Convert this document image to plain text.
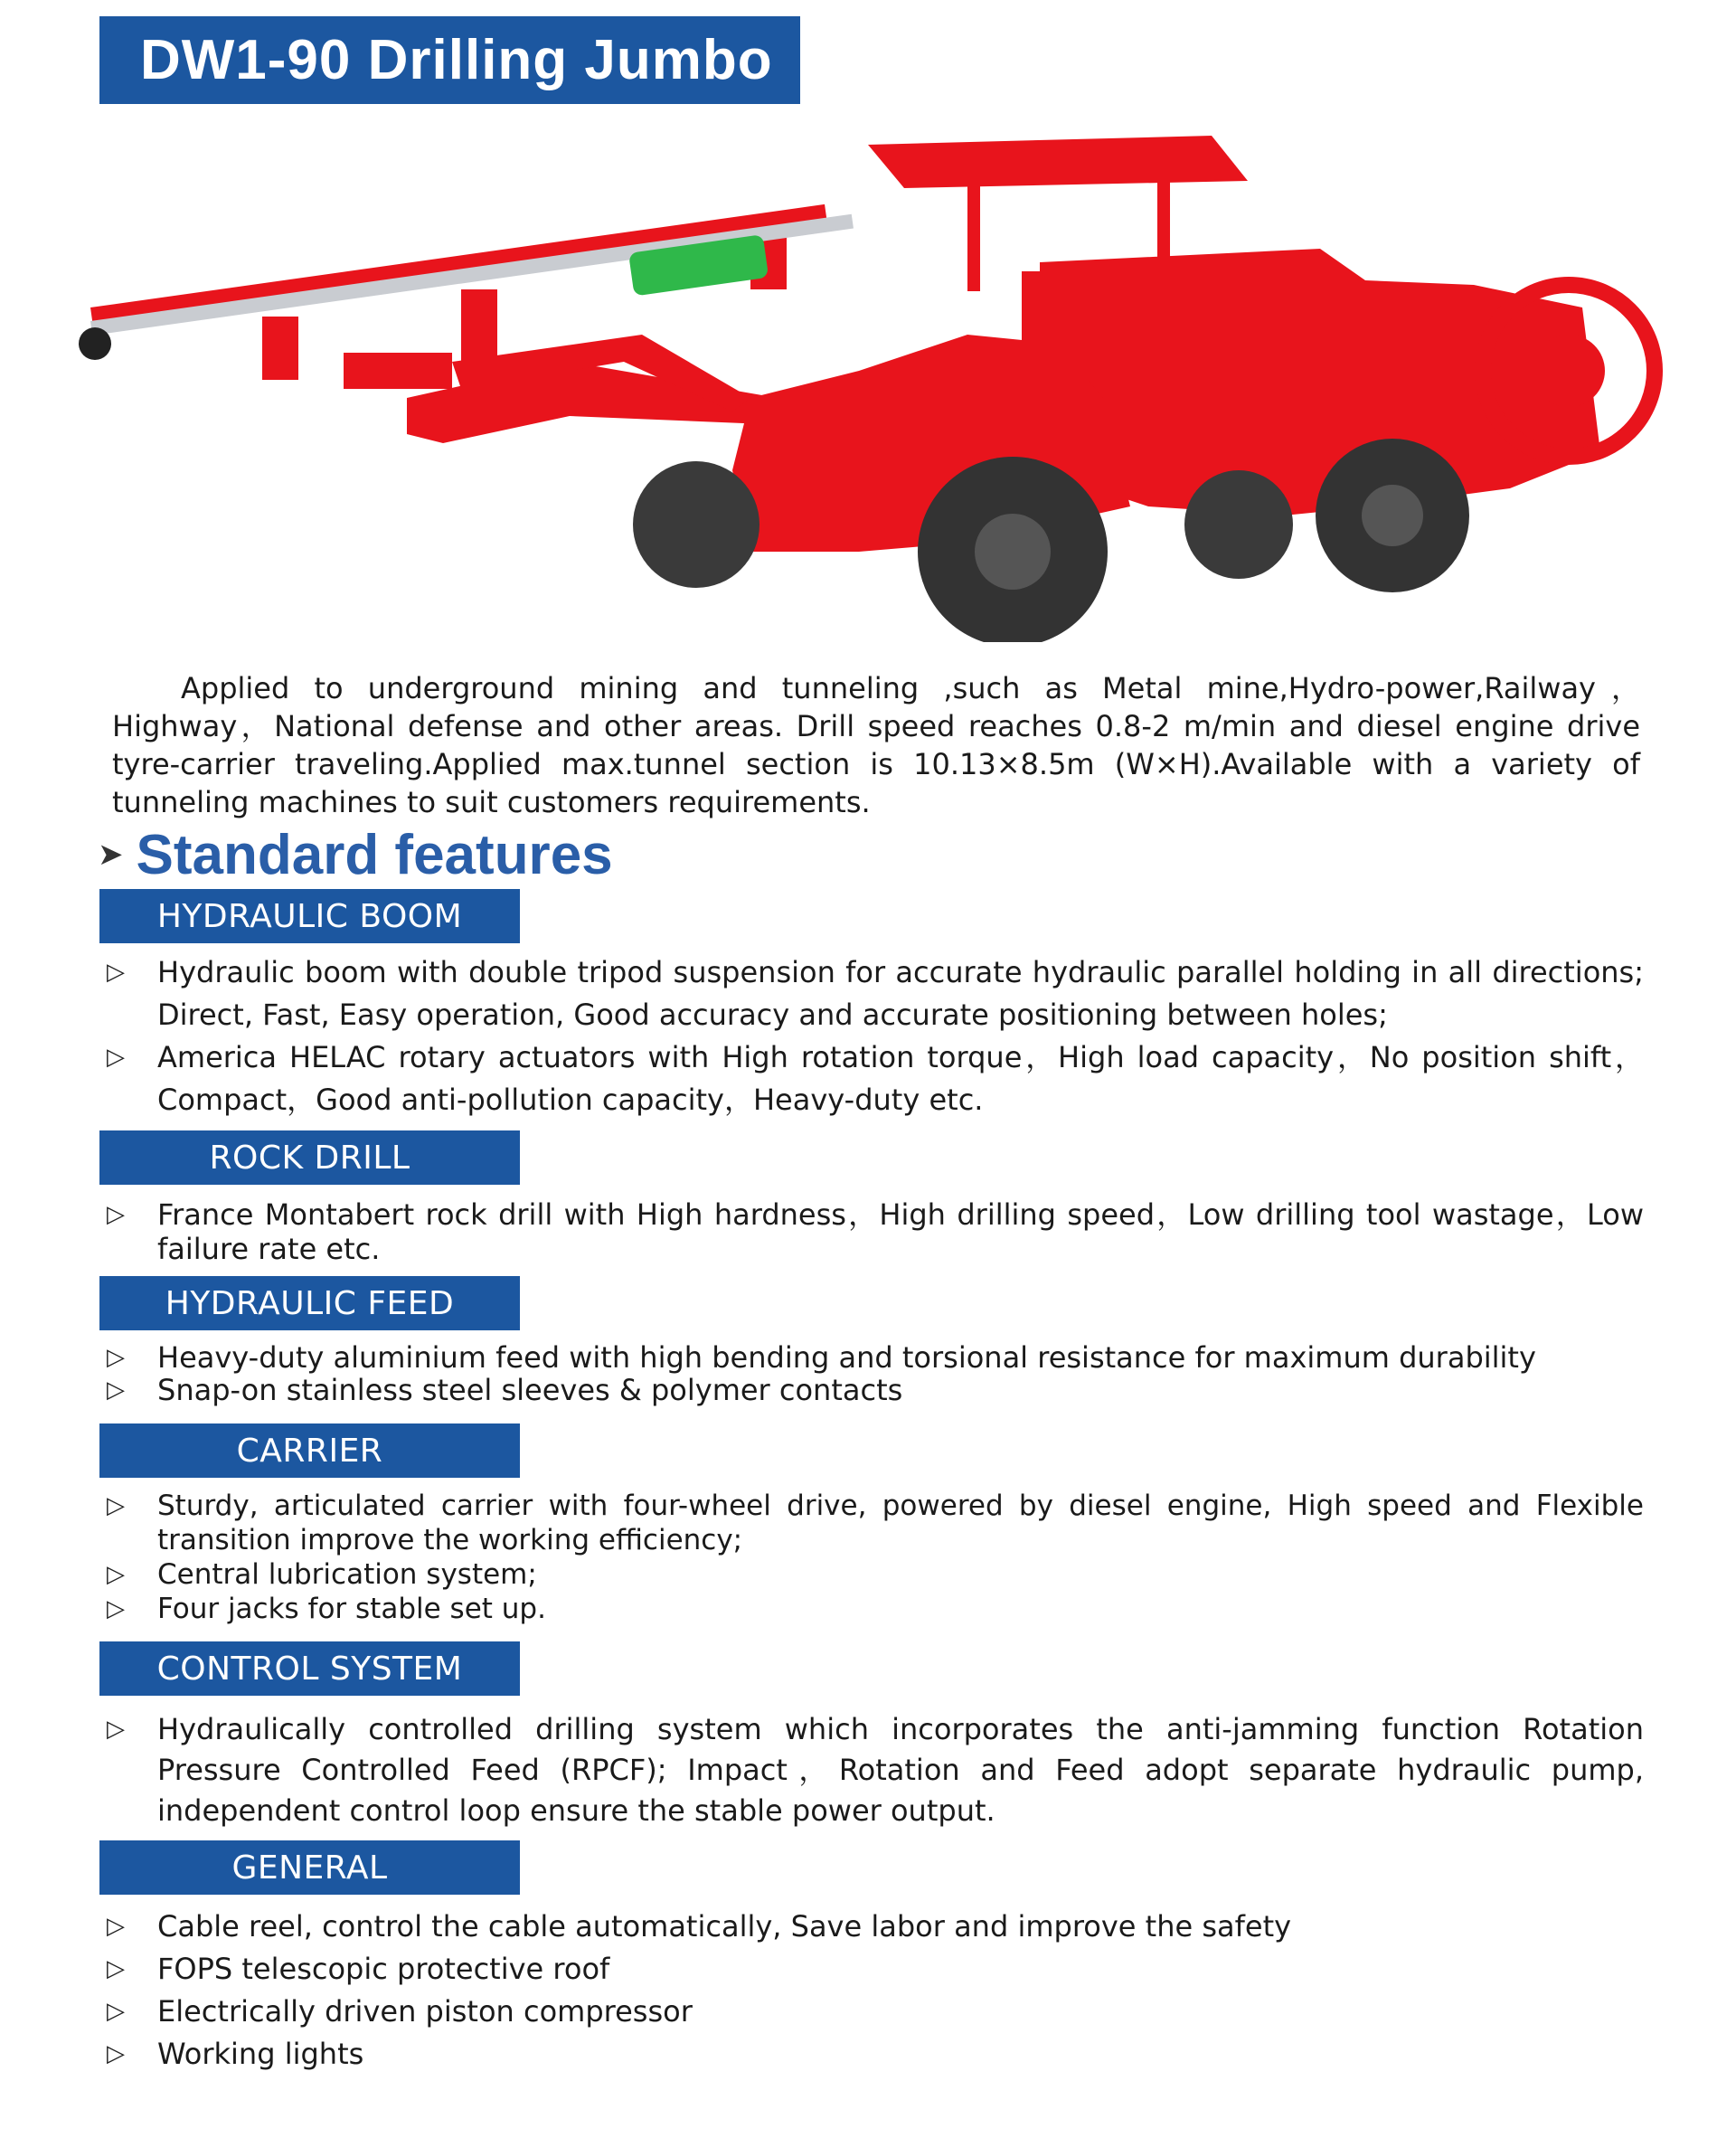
DW1-90 Drilling Jumbo

Applied to underground mining and tunneling ,such as Metal mine,Hydro-power,Railway，Highway，National defense and other areas. Drill speed reaches 0.8-2 m/min and diesel engine drive tyre-carrier traveling.Applied max.tunnel section is 10.13×8.5m (W×H).Available with a variety of tunneling machines to suit customers requirements.

➤ Standard features
HYDRAULIC BOOM
▷ Hydraulic boom with double tripod suspension for accurate hydraulic parallel holding in all directions; Direct, Fast, Easy operation, Good accuracy and accurate positioning between holes;
▷ America HELAC rotary actuators with High rotation torque，High load capacity，No position shift，Compact，Good anti-pollution capacity，Heavy-duty etc.
ROCK DRILL
▷ France Montabert rock drill with High hardness，High drilling speed，Low drilling tool wastage，Low failure rate etc.
HYDRAULIC FEED
▷ Heavy-duty aluminium feed with high bending and torsional resistance for maximum durability
▷ Snap-on stainless steel sleeves & polymer contacts
CARRIER
▷ Sturdy, articulated carrier with four-wheel drive, powered by diesel engine, High speed and Flexible transition improve the working efficiency;
▷ Central lubrication system;
▷ Four jacks for stable set up.
CONTROL SYSTEM
▷ Hydraulically controlled drilling system which incorporates the anti-jamming function Rotation Pressure Controlled Feed (RPCF); Impact，Rotation and Feed adopt separate hydraulic pump, independent control loop ensure the stable power output.
GENERAL
▷ Cable reel, control the cable automatically, Save labor and improve the safety
▷ FOPS telescopic protective roof
▷ Electrically driven piston compressor
▷ Working lights
